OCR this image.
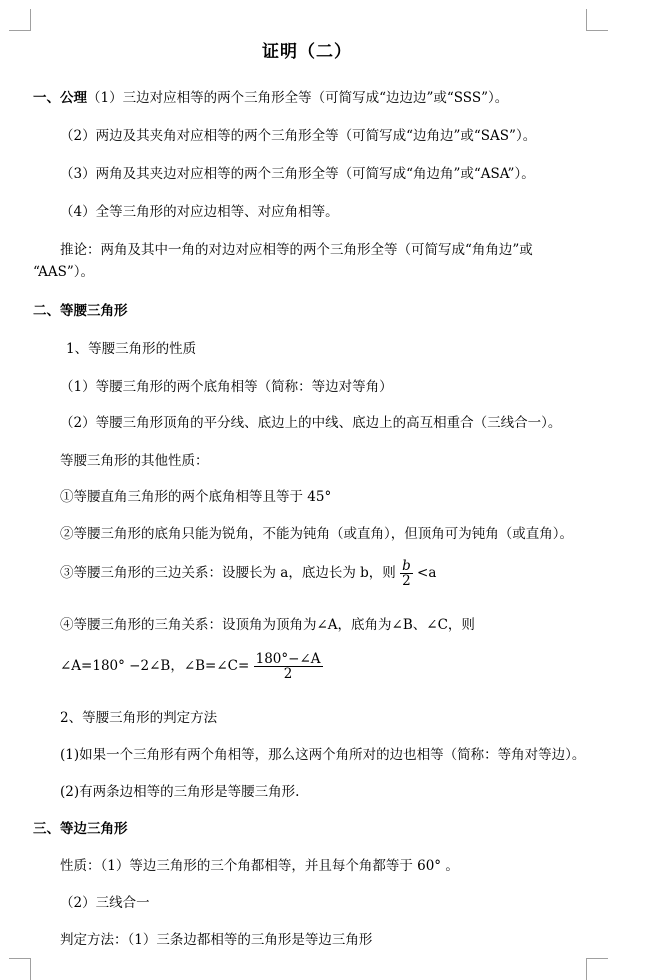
证明（二）
一、公理（1）三边对应相等的两个三角形全等（可简写成“边边边”或“SSS”）。
（2）两边及其夹角对应相等的两个三角形全等（可简写成“边角边”或“SAS”）。
（3）两角及其夹边对应相等的两个三角形全等（可简写成“角边角”或“ASA”）。
（4）全等三角形的对应边相等、对应角相等。
推论：两角及其中一角的对边对应相等的两个三角形全等（可简写成“角角边”或
“AAS”）。
二、等腰三角形
1、等腰三角形的性质
（1）等腰三角形的两个底角相等（简称：等边对等角）
（2）等腰三角形顶角的平分线、底边上的中线、底边上的高互相重合（三线合一）。
等腰三角形的其他性质：
①等腰直角三角形的两个底角相等且等于 45°
②等腰三角形的底角只能为锐角，不能为钝角（或直角），但顶角可为钝角（或直角）。
③等腰三角形的三边关系：设腰长为 a，底边长为 b，则 $\frac{b}{2} <a$
④等腰三角形的三角关系：设顶角为顶角为∠A，底角为∠B、∠C，则
∠A=180° −2∠B，∠B=∠C= $\frac{180^\circ-\angle A}{2}$
2、等腰三角形的判定方法
(1)如果一个三角形有两个角相等，那么这两个角所对的边也相等（简称：等角对等边）。
(2)有两条边相等的三角形是等腰三角形.
三、等边三角形
性质：（1）等边三角形的三个角都相等，并且每个角都等于 60° 。
（2）三线合一
判定方法：（1）三条边都相等的三角形是等边三角形
